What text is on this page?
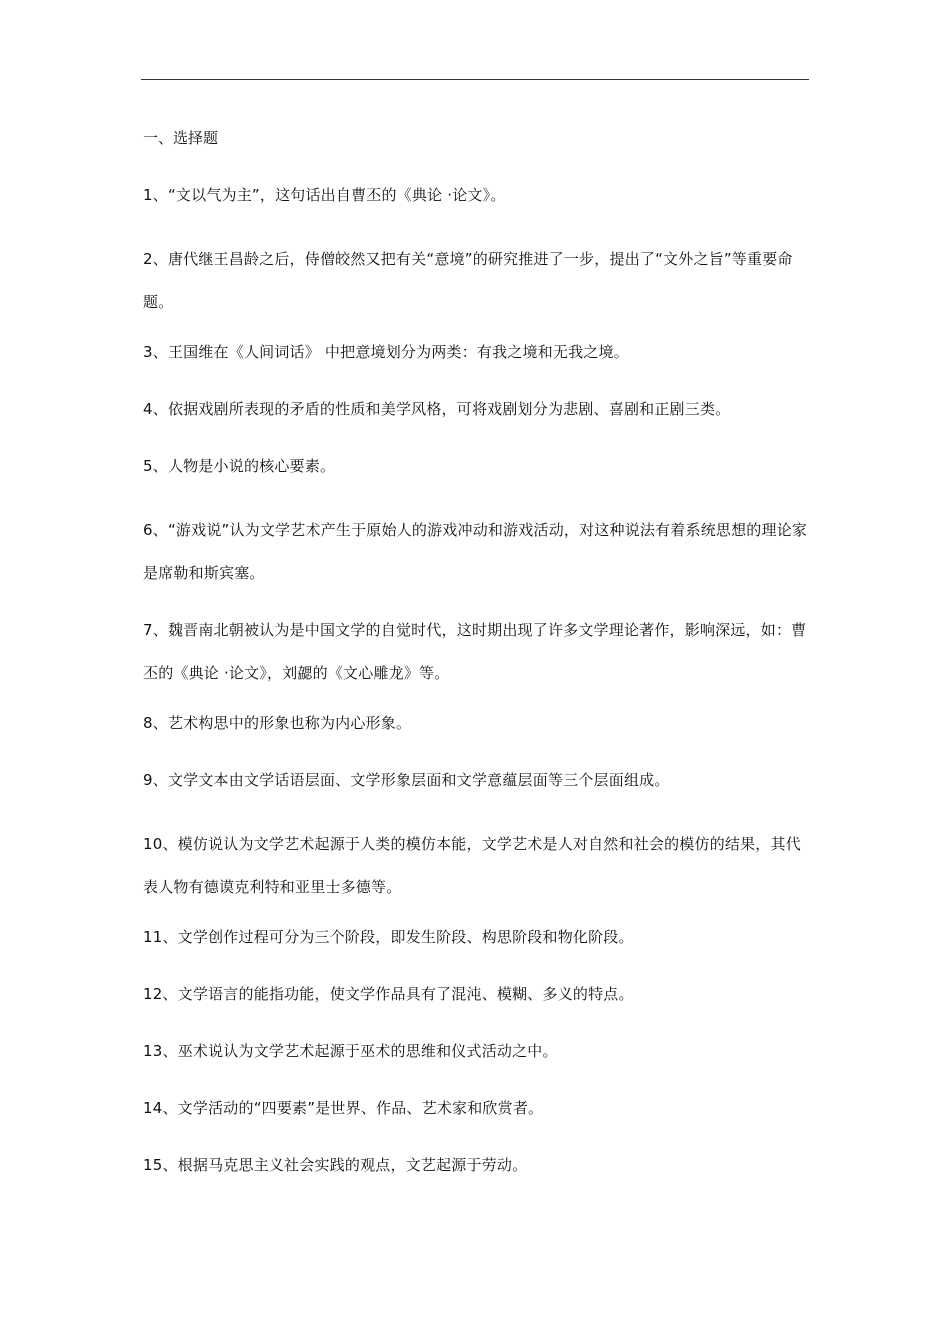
一、选择题
1、“文以气为主”，这句话出自曹丕的《典论 ·论文》。
2、唐代继王昌龄之后，侍僧皎然又把有关“意境”的研究推进了一步，提出了“文外之旨”等重要命题。
3、王国维在《人间词话》 中把意境划分为两类：有我之境和无我之境。
4、依据戏剧所表现的矛盾的性质和美学风格，可将戏剧划分为悲剧、喜剧和正剧三类。
5、人物是小说的核心要素。
6、“游戏说”认为文学艺术产生于原始人的游戏冲动和游戏活动，对这种说法有着系统思想的理论家是席勒和斯宾塞。
7、魏晋南北朝被认为是中国文学的自觉时代，这时期出现了许多文学理论著作，影响深远，如：曹丕的《典论 ·论文》，刘勰的《文心雕龙》等。
8、艺术构思中的形象也称为内心形象。
9、文学文本由文学话语层面、文学形象层面和文学意蕴层面等三个层面组成。
10、模仿说认为文学艺术起源于人类的模仿本能，文学艺术是人对自然和社会的模仿的结果，其代表人物有德谟克利特和亚里士多德等。
11、文学创作过程可分为三个阶段，即发生阶段、构思阶段和物化阶段。
12、文学语言的能指功能，使文学作品具有了混沌、模糊、多义的特点。
13、巫术说认为文学艺术起源于巫术的思维和仪式活动之中。
14、文学活动的“四要素”是世界、作品、艺术家和欣赏者。
15、根据马克思主义社会实践的观点，文艺起源于劳动。
